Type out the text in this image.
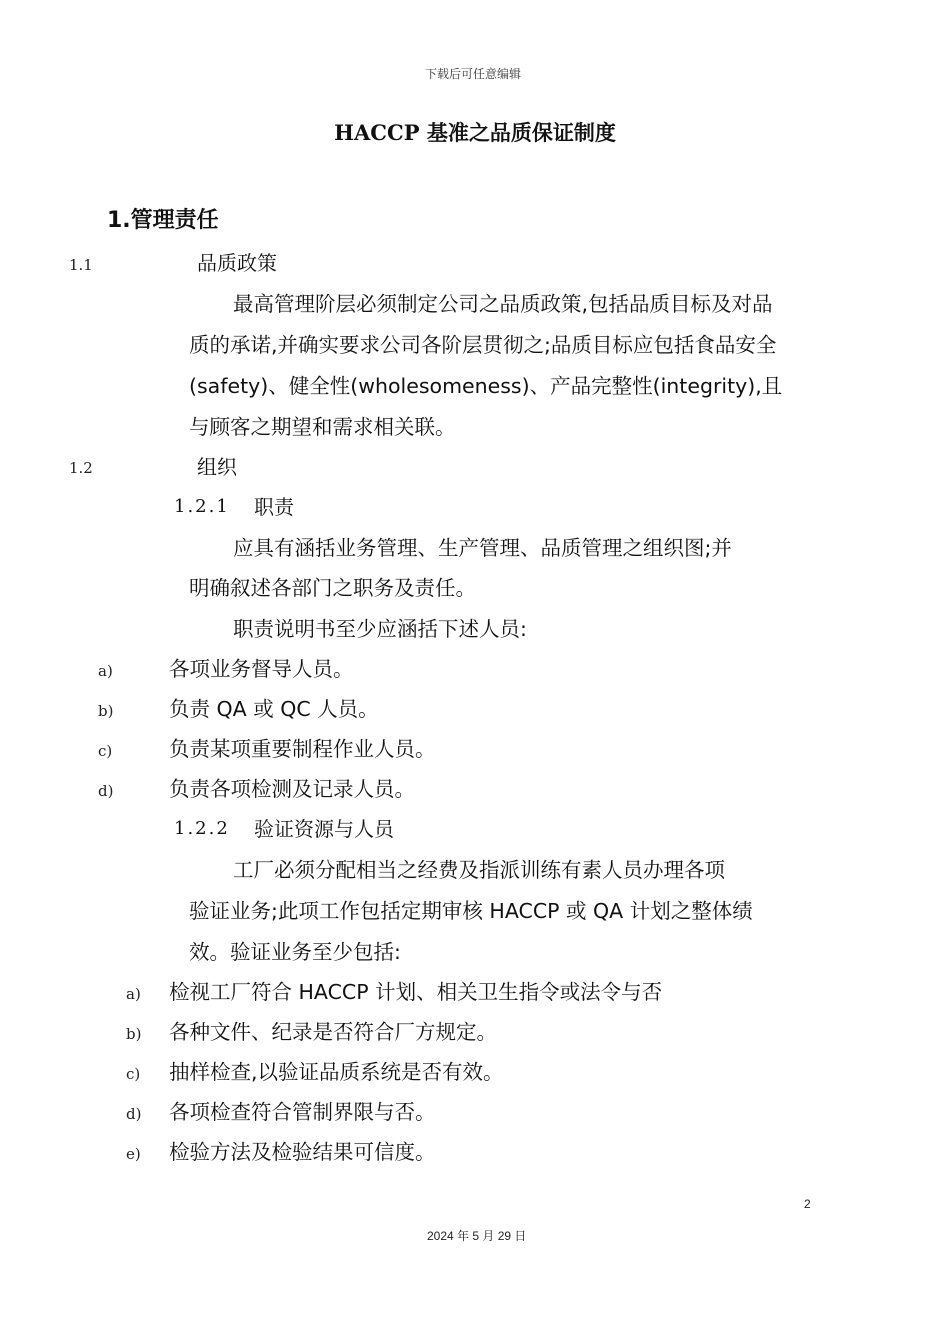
下载后可任意编辑
HACCP 基准之品质保证制度
1.管理责任
1.1	品质政策
最高管理阶层必须制定公司之品质政策,包括品质目标及对品
质的承诺,并确实要求公司各阶层贯彻之;品质目标应包括食品安全
(safety)、健全性(wholesomeness)、产品完整性(integrity),且
与顾客之期望和需求相关联。
1.2	组织
1.2.1 职责
应具有涵括业务管理、生产管理、品质管理之组织图;并
明确叙述各部门之职务及责任。
职责说明书至少应涵括下述人员:
a)	各项业务督导人员。
b)	负责 QA 或 QC 人员。
c)	负责某项重要制程作业人员。
d)	负责各项检测及记录人员。
1.2.2 验证资源与人员
工厂必须分配相当之经费及指派训练有素人员办理各项
验证业务;此项工作包括定期审核 HACCP 或 QA 计划之整体绩
效。验证业务至少包括:
a) 检视工厂符合 HACCP 计划、相关卫生指令或法令与否
b) 各种文件、纪录是否符合厂方规定。
c) 抽样检查,以验证品质系统是否有效。
d) 各项检查符合管制界限与否。
e) 检验方法及检验结果可信度。
2
2024 年 5 月 29 日
